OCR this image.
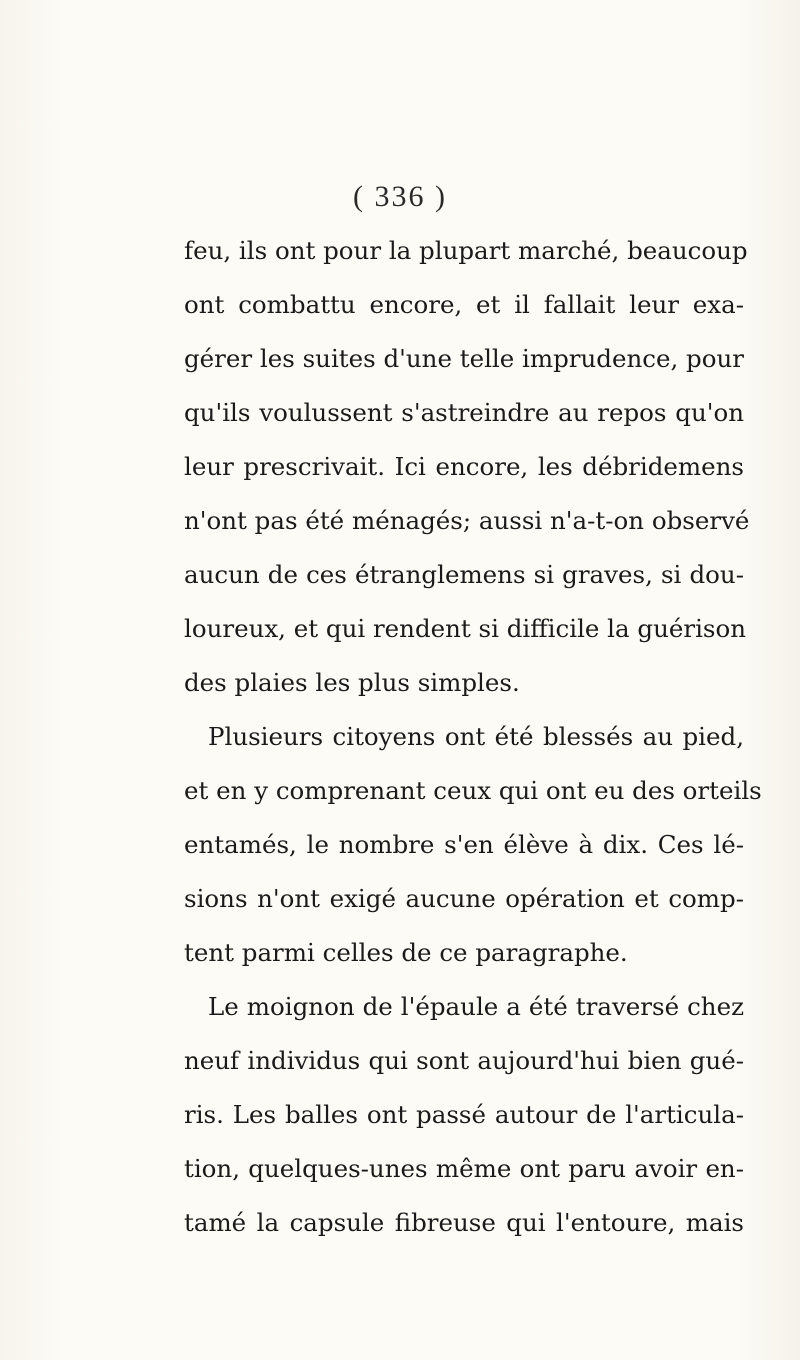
( 336 )
feu, ils ont pour la plupart marché, beaucoup
ont combattu encore, et il fallait leur exa-
gérer les suites d'une telle imprudence, pour
qu'ils voulussent s'astreindre au repos qu'on
leur prescrivait. Ici encore, les débridemens
n'ont pas été ménagés; aussi n'a-t-on observé
aucun de ces étranglemens si graves, si dou-
loureux, et qui rendent si difficile la guérison
des plaies les plus simples.
Plusieurs citoyens ont été blessés au pied,
et en y comprenant ceux qui ont eu des orteils
entamés, le nombre s'en élève à dix. Ces lé-
sions n'ont exigé aucune opération et comp-
tent parmi celles de ce paragraphe.
Le moignon de l'épaule a été traversé chez
neuf individus qui sont aujourd'hui bien gué-
ris. Les balles ont passé autour de l'articula-
tion, quelques-unes même ont paru avoir en-
tamé la capsule fibreuse qui l'entoure, mais
